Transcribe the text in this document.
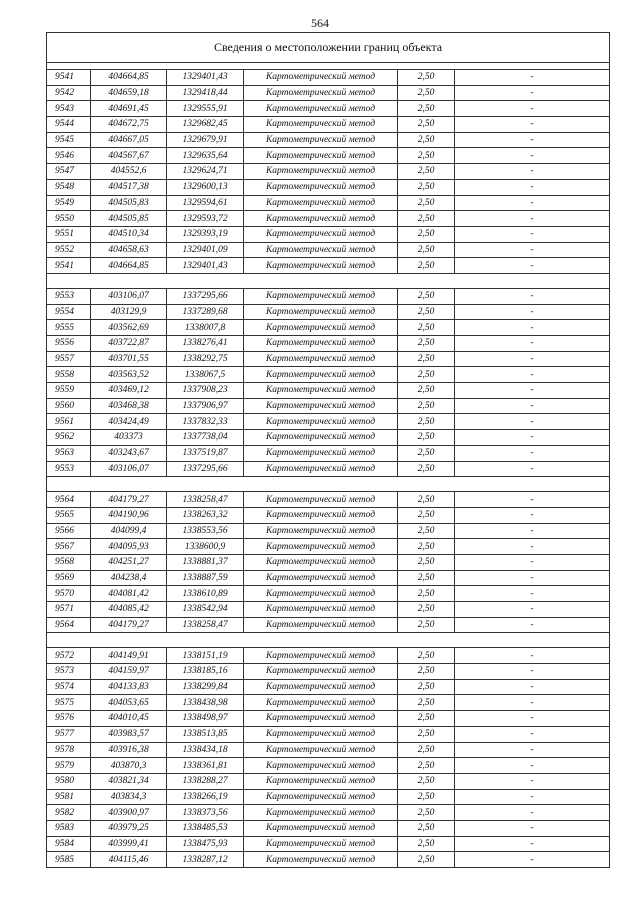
564
Сведения о местоположении границ объекта					

9541	404664,85	1329401,43	Картометрический метод	2,50	-
9542	404659,18	1329418,44	Картометрический метод	2,50	-
9543	404691,45	1329555,91	Картометрический метод	2,50	-
9544	404672,75	1329682,45	Картометрический метод	2,50	-
9545	404667,05	1329679,91	Картометрический метод	2,50	-
9546	404567,67	1329635,64	Картометрический метод	2,50	-
9547	404552,6	1329624,71	Картометрический метод	2,50	-
9548	404517,38	1329600,13	Картометрический метод	2,50	-
9549	404505,83	1329594,61	Картометрический метод	2,50	-
9550	404505,85	1329593,72	Картометрический метод	2,50	-
9551	404510,34	1329393,19	Картометрический метод	2,50	-
9552	404658,63	1329401,09	Картометрический метод	2,50	-
9541	404664,85	1329401,43	Картометрический метод	2,50	-

9553	403106,07	1337295,66	Картометрический метод	2,50	-
9554	403129,9	1337289,68	Картометрический метод	2,50	-
9555	403562,69	1338007,8	Картометрический метод	2,50	-
9556	403722,87	1338276,41	Картометрический метод	2,50	-
9557	403701,55	1338292,75	Картометрический метод	2,50	-
9558	403563,52	1338067,5	Картометрический метод	2,50	-
9559	403469,12	1337908,23	Картометрический метод	2,50	-
9560	403468,38	1337906,97	Картометрический метод	2,50	-
9561	403424,49	1337832,33	Картометрический метод	2,50	-
9562	403373	1337738,04	Картометрический метод	2,50	-
9563	403243,67	1337519,87	Картометрический метод	2,50	-
9553	403106,07	1337295,66	Картометрический метод	2,50	-

9564	404179,27	1338258,47	Картометрический метод	2,50	-
9565	404190,96	1338263,32	Картометрический метод	2,50	-
9566	404099,4	1338553,56	Картометрический метод	2,50	-
9567	404095,93	1338600,9	Картометрический метод	2,50	-
9568	404251,27	1338881,37	Картометрический метод	2,50	-
9569	404238,4	1338887,59	Картометрический метод	2,50	-
9570	404081,42	1338610,89	Картометрический метод	2,50	-
9571	404085,42	1338542,94	Картометрический метод	2,50	-
9564	404179,27	1338258,47	Картометрический метод	2,50	-

9572	404149,91	1338151,19	Картометрический метод	2,50	-
9573	404159,97	1338185,16	Картометрический метод	2,50	-
9574	404133,83	1338299,84	Картометрический метод	2,50	-
9575	404053,65	1338438,98	Картометрический метод	2,50	-
9576	404010,45	1338498,97	Картометрический метод	2,50	-
9577	403983,57	1338513,85	Картометрический метод	2,50	-
9578	403916,38	1338434,18	Картометрический метод	2,50	-
9579	403870,3	1338361,81	Картометрический метод	2,50	-
9580	403821,34	1338288,27	Картометрический метод	2,50	-
9581	403834,3	1338266,19	Картометрический метод	2,50	-
9582	403900,97	1338373,56	Картометрический метод	2,50	-
9583	403979,25	1338485,53	Картометрический метод	2,50	-
9584	403999,41	1338475,93	Картометрический метод	2,50	-
9585	404115,46	1338287,12	Картометрический метод	2,50	-
